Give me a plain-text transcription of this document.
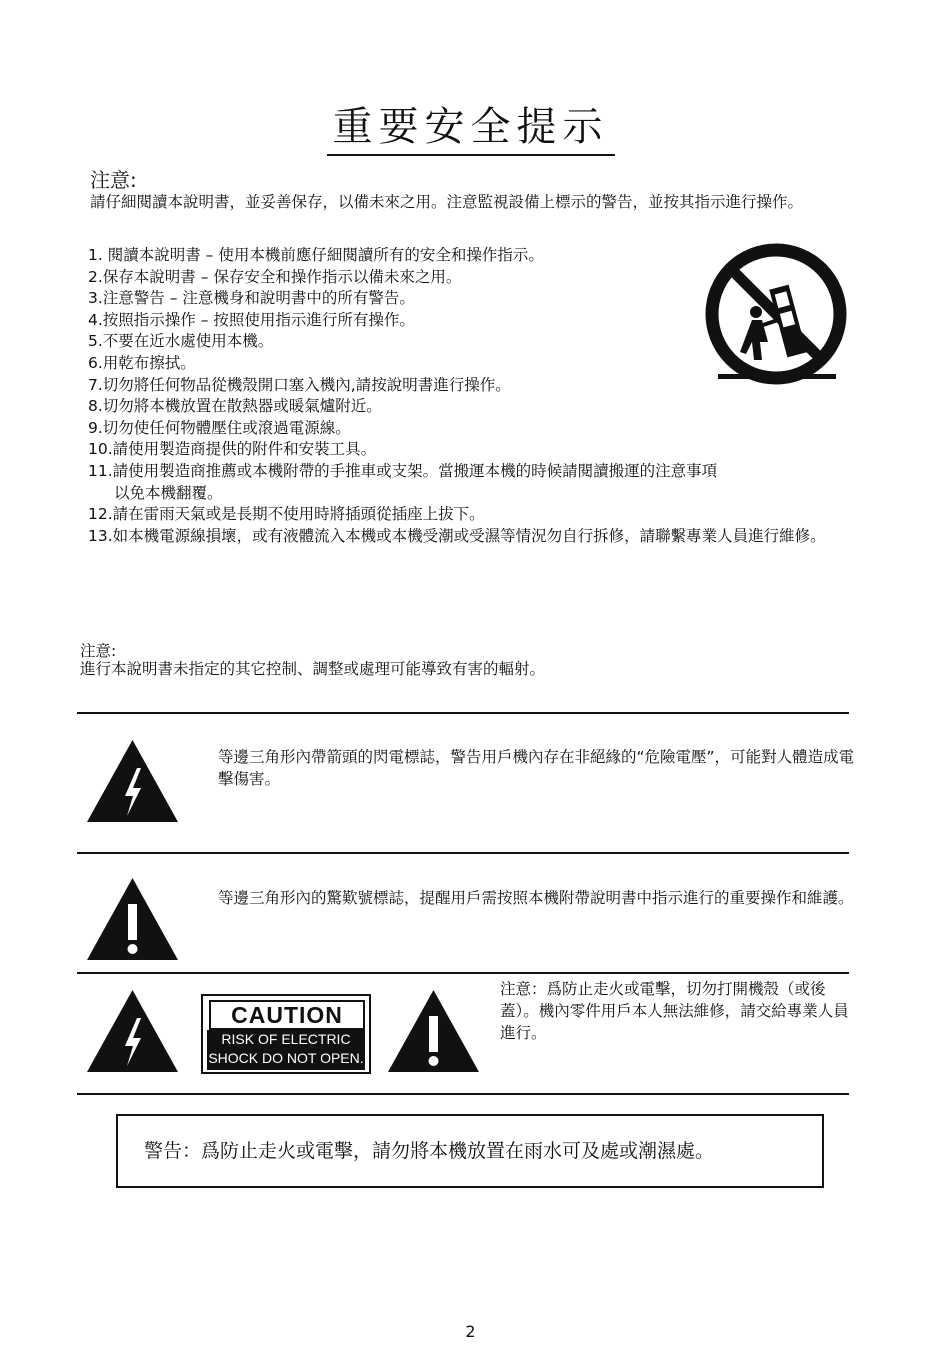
重要安全提示
注意:
請仔細閱讀本說明書，並妥善保存，以備未來之用。注意監視設備上標示的警告，並按其指示進行操作。
1. 閱讀本說明書 – 使用本機前應仔細閱讀所有的安全和操作指示。
2.保存本說明書 – 保存安全和操作指示以備未來之用。
3.注意警告 – 注意機身和說明書中的所有警告。
4.按照指示操作 – 按照使用指示進行所有操作。
5.不要在近水處使用本機。
6.用乾布擦拭。
7.切勿將任何物品從機殼開口塞入機內,請按說明書進行操作。
8.切勿將本機放置在散熱器或暖氣爐附近。
9.切勿使任何物體壓住或滾過電源線。
10.請使用製造商提供的附件和安裝工具。
11.請使用製造商推薦或本機附帶的手推車或支架。當搬運本機的時候請閱讀搬運的注意事項
以免本機翻覆。
12.請在雷雨天氣或是長期不使用時將插頭從插座上拔下。
13.如本機電源線損壞，或有液體流入本機或本機受潮或受濕等情況勿自行拆修，請聯繫專業人員進行維修。
注意:
進行本說明書未指定的其它控制、調整或處理可能導致有害的輻射。
等邊三角形內帶箭頭的閃電標誌，警告用戶機內存在非絕緣的“危險電壓”，可能對人體造成電擊傷害。
等邊三角形內的驚歎號標誌，提醒用戶需按照本機附帶說明書中指示進行的重要操作和維護。
CAUTION
RISK OF ELECTRIC
SHOCK DO NOT OPEN.
注意：爲防止走火或電擊，切勿打開機殼（或後蓋）。機內零件用戶本人無法維修，請交給專業人員進行。
警告：爲防止走火或電擊，請勿將本機放置在雨水可及處或潮濕處。
2
